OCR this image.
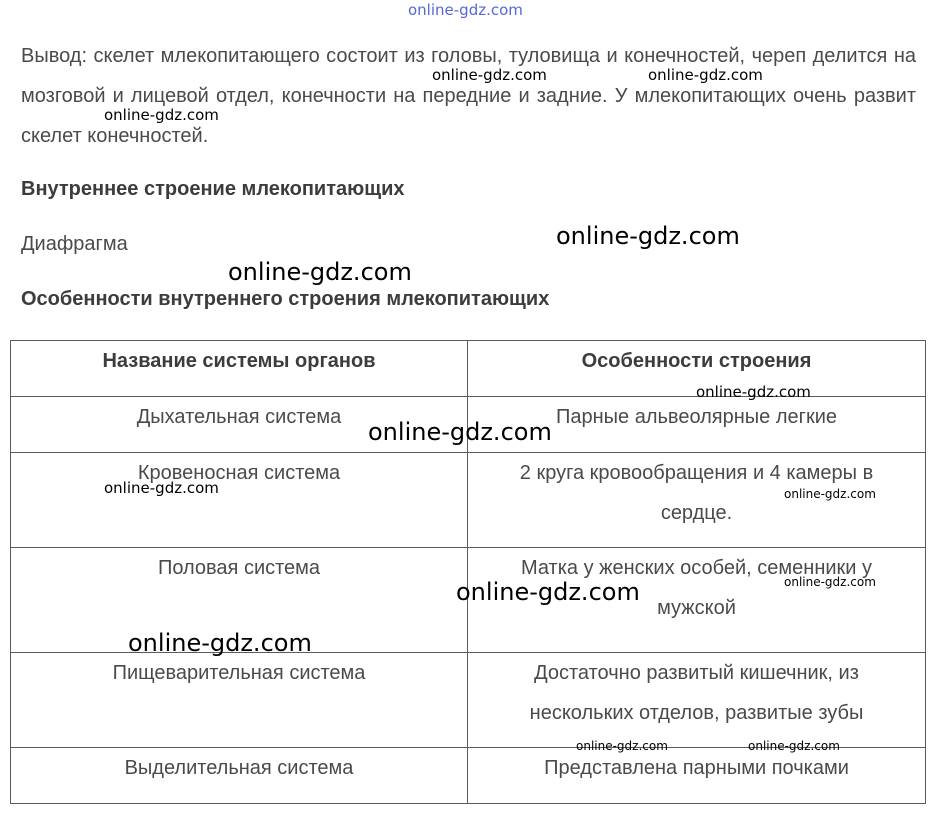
Вывод: скелет млекопитающего состоит из головы, туловища и конечностей, череп делится на мозговой и лицевой отдел, конечности на передние и задние. У млекопитающих очень развит скелет конечностей.

Внутреннее строение млекопитающих

Диафрагма

Особенности внутреннего строения млекопитающих

Название системы органов	Особенности строения
Дыхательная система	Парные альвеолярные легкие
Кровеносная система	2 круга кровообращения и 4 камеры в сердце.
Половая система	Матка у женских особей, семенники у мужской
Пищеварительная система	Достаточно развитый кишечник, из нескольких отделов, развитые зубы
Выделительная система	Представлена парными почками
online-gdz.com
online-gdz.com	online-gdz.com
online-gdz.com
online-gdz.com
online-gdz.com
online-gdz.com
online-gdz.com
online-gdz.com	online-gdz.com
online-gdz.com
online-gdz.com
online-gdz.com
online-gdz.com	online-gdz.com
